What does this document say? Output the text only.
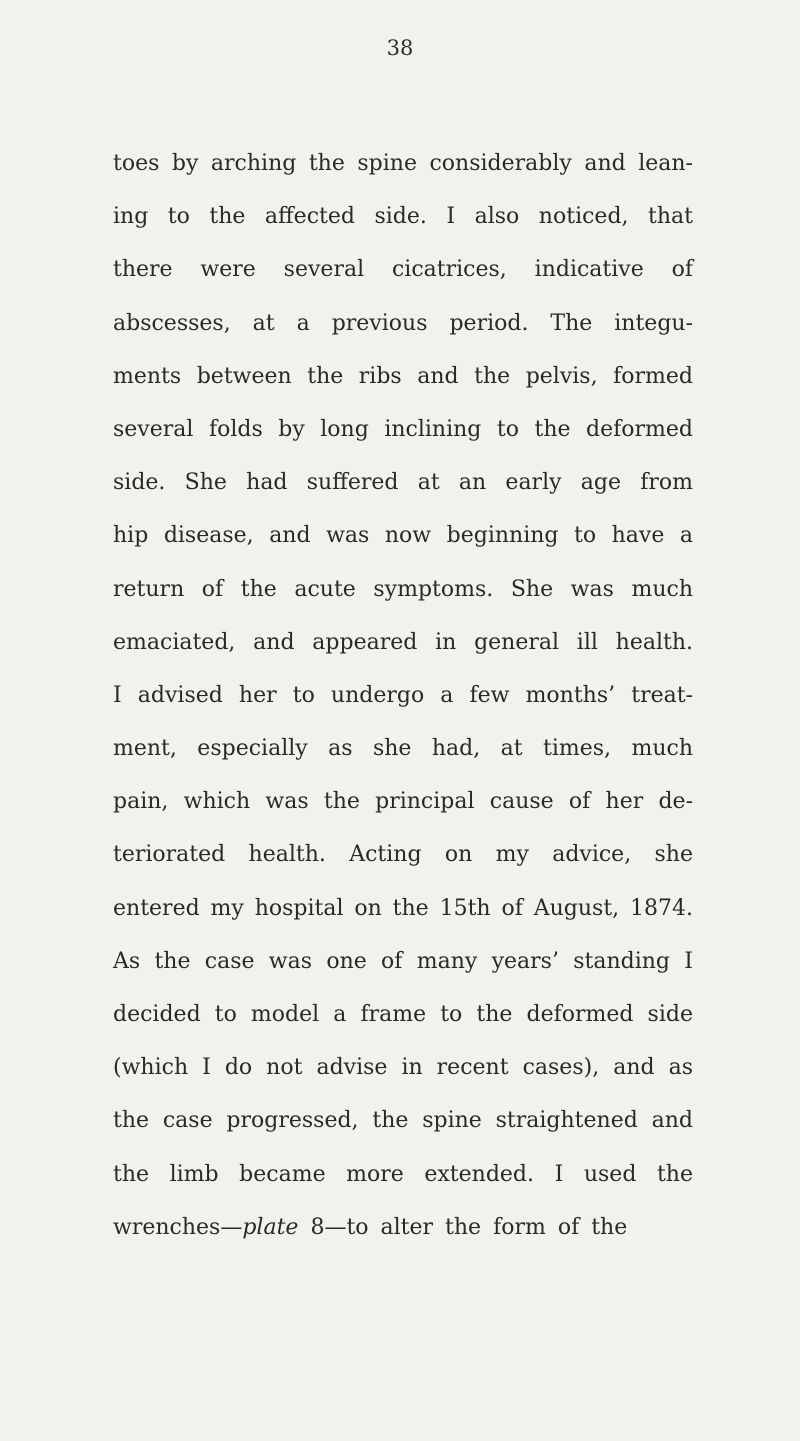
38
toes by arching the spine considerably and lean-
ing to the affected side. I also noticed, that
there were several cicatrices, indicative of
abscesses, at a previous period. The integu-
ments between the ribs and the pelvis, formed
several folds by long inclining to the deformed
side. She had suffered at an early age from
hip disease, and was now beginning to have a
return of the acute symptoms. She was much
emaciated, and appeared in general ill health.
I advised her to undergo a few months’ treat-
ment, especially as she had, at times, much
pain, which was the principal cause of her de-
teriorated health. Acting on my advice, she
entered my hospital on the 15th of August, 1874.
As the case was one of many years’ standing I
decided to model a frame to the deformed side
(which I do not advise in recent cases), and as
the case progressed, the spine straightened and
the limb became more extended. I used the
wrenches—plate 8—to alter the form of the
